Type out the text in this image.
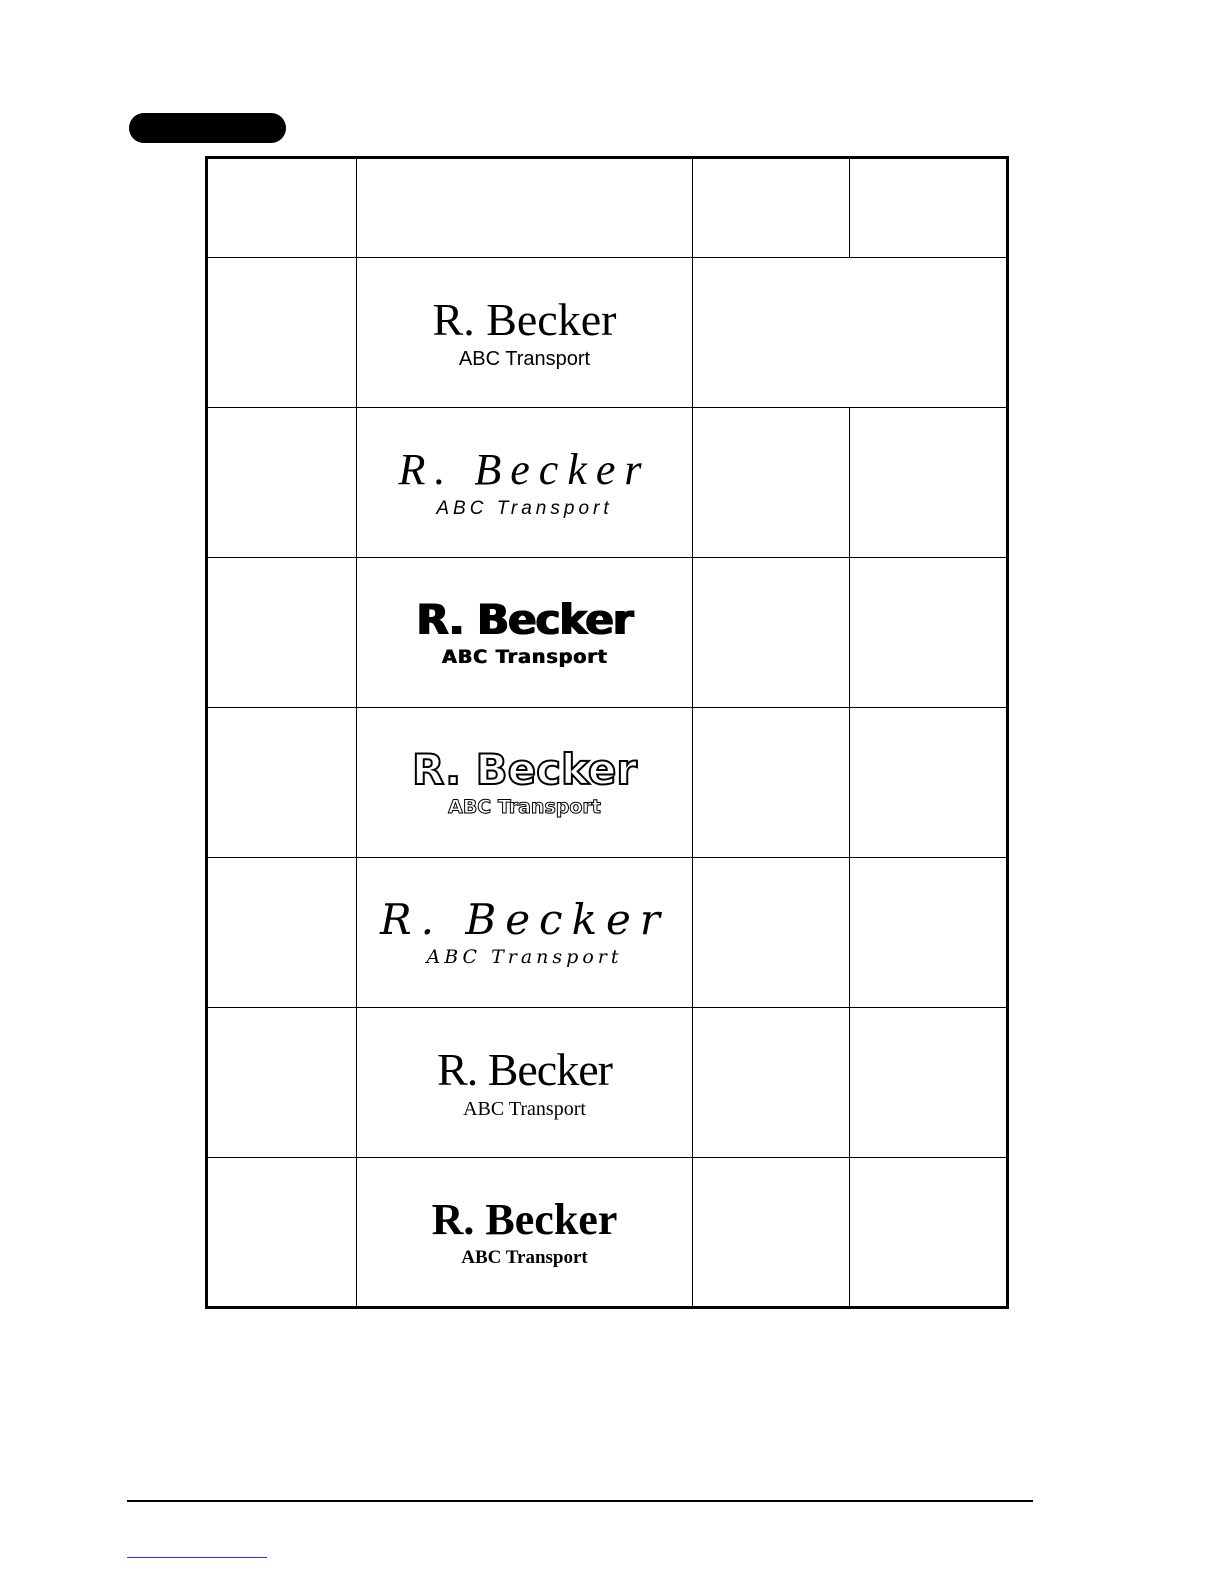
	R. Becker
ABC Transport		

	R. Becker
ABC Transport		

	R. Becker
ABC Transport		

	R. Becker
ABC Transport		

	R. Becker
ABC Transport		

	R. Becker
ABC Transport		

	R. Becker
ABC Transport		
